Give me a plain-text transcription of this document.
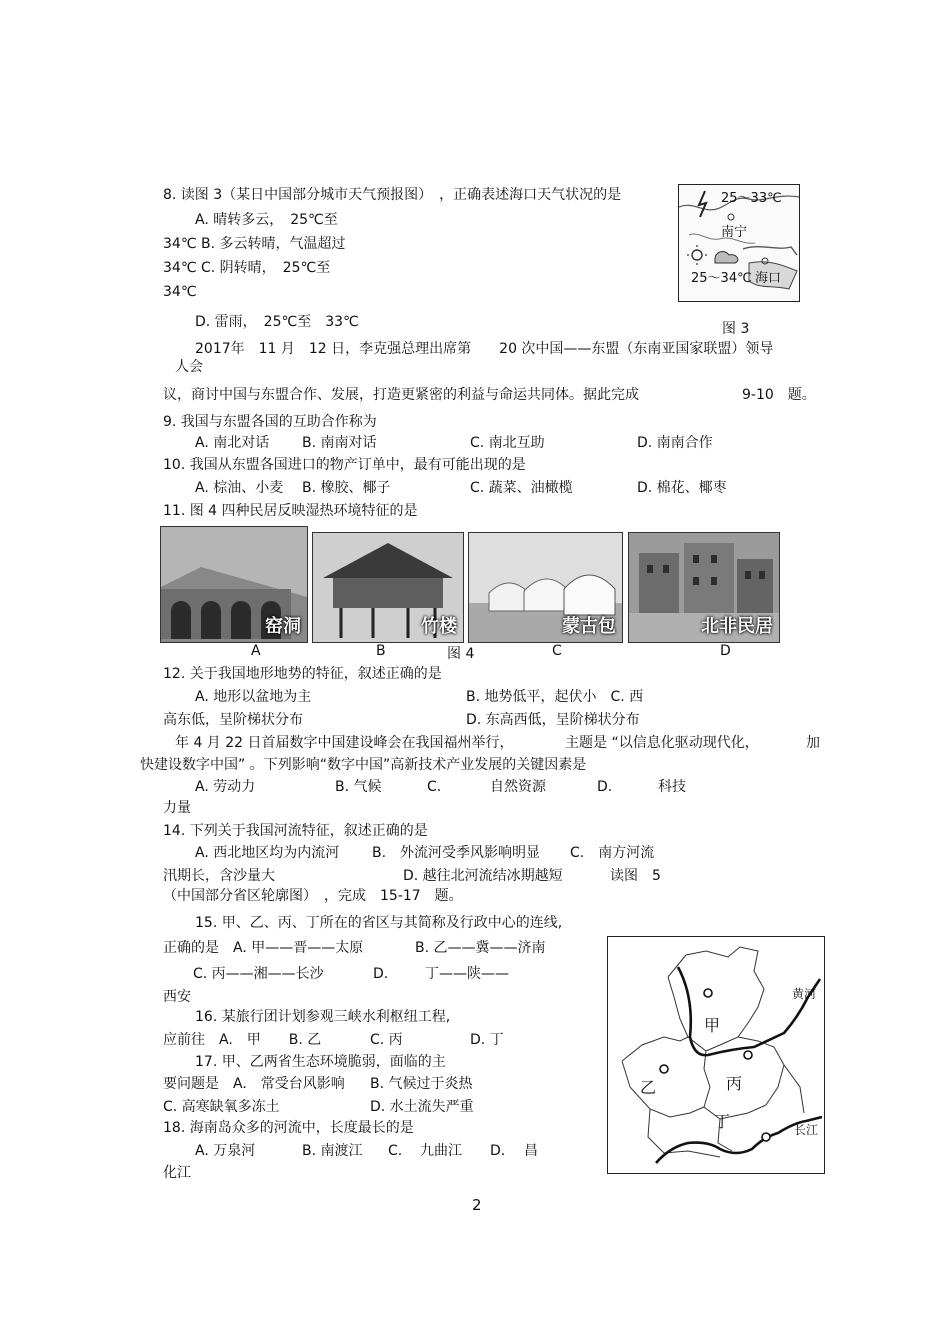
8. 读图 3（某日中国部分城市天气预报图）　，正确表述海口天气状况的是
A. 晴转多云，　25℃至
34℃ B. 多云转晴，气温超过
34℃ C. 阴转晴，　25℃至
34℃
D. 雷雨，　25℃至　33℃
25～33℃
南宁
25～34℃ 海口
图 3
2017年　11 月　12 日，李克强总理出席第　　20 次中国——东盟（东南亚国家联盟）领导
人会
议，商讨中国与东盟合作、发展，打造更紧密的利益与命运共同体。据此完成	9-10　题。
9. 我国与东盟各国的互助合作称为
A. 南北对话 B. 南南对话	C. 南北互助	D. 南南合作
10. 我国从东盟各国进口的物产订单中，最有可能出现的是
A. 棕油、小麦 B. 橡胶、椰子	C. 蔬菜、油橄榄	D. 棉花、椰枣
11. 图 4 四种民居反映湿热环境特征的是
窑洞	竹楼	蒙古包	北非民居
A	B	图 4	C	D
12. 关于我国地形地势的特征，叙述正确的是
A. 地形以盆地为主	B. 地势低平，起伏小　C. 西
高东低，呈阶梯状分布	D. 东高西低，呈阶梯状分布
年 4 月 22 日首届数字中国建设峰会在我国福州举行，	主题是 “以信息化驱动现代化，	加
快建设数字中国” 。下列影响“数字中国”高新技术产业发展的关键因素是
A. 劳动力	B. 气候	C.	自然资源	D.	科技
力量
14. 下列关于我国河流特征，叙述正确的是
A. 西北地区均为内流河 B.　外流河受季风影响明显 C.　南方河流
汛期长，含沙量大	D. 越往北河流结冰期越短	读图　5
（中国部分省区轮廓图）　，完成　15-17　题。
15. 甲、乙、丙、丁所在的省区与其简称及行政中心的连线,
正确的是　A. 甲——晋——太原	B. 乙——冀——济南
C. 丙——湘——长沙	D.	丁——陕——
西安
16. 某旅行团计划参观三峡水利枢纽工程,
应前往　A.　甲　　B. 乙	C. 丙	D. 丁
17. 甲、乙两省生态环境脆弱，面临的主
要问题是　A.　常受台风影响 B. 气候过于炎热
C. 高寒缺氧多冻土	D. 水土流失严重
18. 海南岛众多的河流中，长度最长的是
A. 万泉河	B. 南渡江 C. 九曲江 D. 昌
化江
甲
乙	丙
丁
黄河
长江
2
